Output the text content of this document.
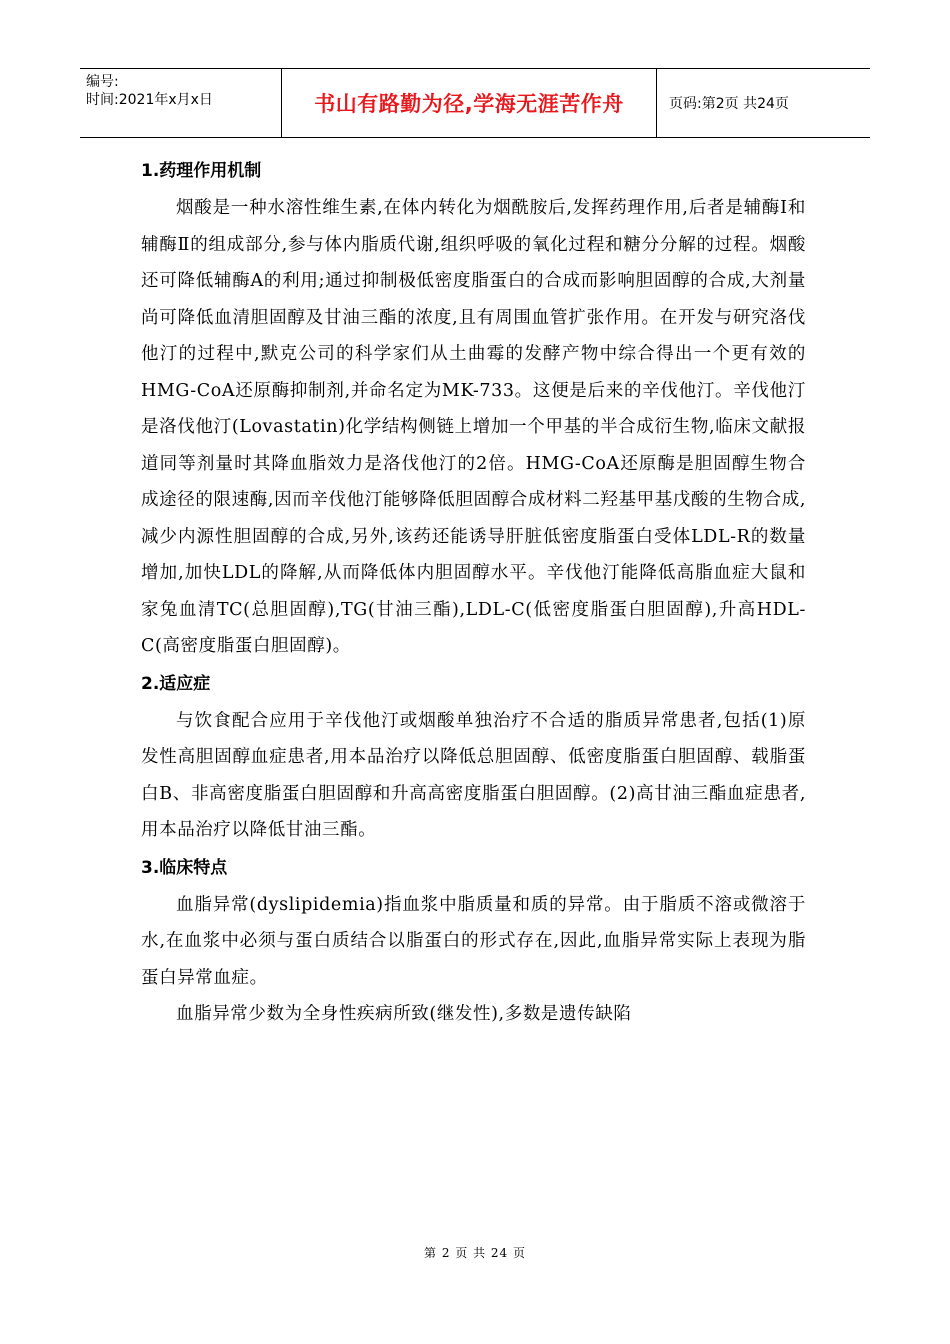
编号:
时间:2021年x月x日	书山有路勤为径,学海无涯苦作舟	页码:第2页 共24页
1.药理作用机制

烟酸是一种水溶性维生素,在体内转化为烟酰胺后,发挥药理作用,后者是辅酶Ⅰ和辅酶Ⅱ的组成部分,参与体内脂质代谢,组织呼吸的氧化过程和糖分分解的过程。烟酸还可降低辅酶A的利用;通过抑制极低密度脂蛋白的合成而影响胆固醇的合成,大剂量尚可降低血清胆固醇及甘油三酯的浓度,且有周围血管扩张作用。在开发与研究洛伐他汀的过程中,默克公司的科学家们从土曲霉的发酵产物中综合得出一个更有效的HMG-CoA还原酶抑制剂,并命名定为MK-733。这便是后来的辛伐他汀。辛伐他汀是洛伐他汀(Lovastatin)化学结构侧链上增加一个甲基的半合成衍生物,临床文献报道同等剂量时其降血脂效力是洛伐他汀的2倍。HMG-CoA还原酶是胆固醇生物合成途径的限速酶,因而辛伐他汀能够降低胆固醇合成材料二羟基甲基戊酸的生物合成,减少内源性胆固醇的合成,另外,该药还能诱导肝脏低密度脂蛋白受体LDL-R的数量增加,加快LDL的降解,从而降低体内胆固醇水平。辛伐他汀能降低高脂血症大鼠和家兔血清TC(总胆固醇),TG(甘油三酯),LDL-C(低密度脂蛋白胆固醇),升高HDL-C(高密度脂蛋白胆固醇)。

2.适应症

与饮食配合应用于辛伐他汀或烟酸单独治疗不合适的脂质异常患者,包括(1)原发性高胆固醇血症患者,用本品治疗以降低总胆固醇、低密度脂蛋白胆固醇、载脂蛋白B、非高密度脂蛋白胆固醇和升高高密度脂蛋白胆固醇。(2)高甘油三酯血症患者,用本品治疗以降低甘油三酯。

3.临床特点

血脂异常(dyslipidemia)指血浆中脂质量和质的异常。由于脂质不溶或微溶于水,在血浆中必须与蛋白质结合以脂蛋白的形式存在,因此,血脂异常实际上表现为脂蛋白异常血症。

血脂异常少数为全身性疾病所致(继发性),多数是遗传缺陷

第 2 页 共 24 页
